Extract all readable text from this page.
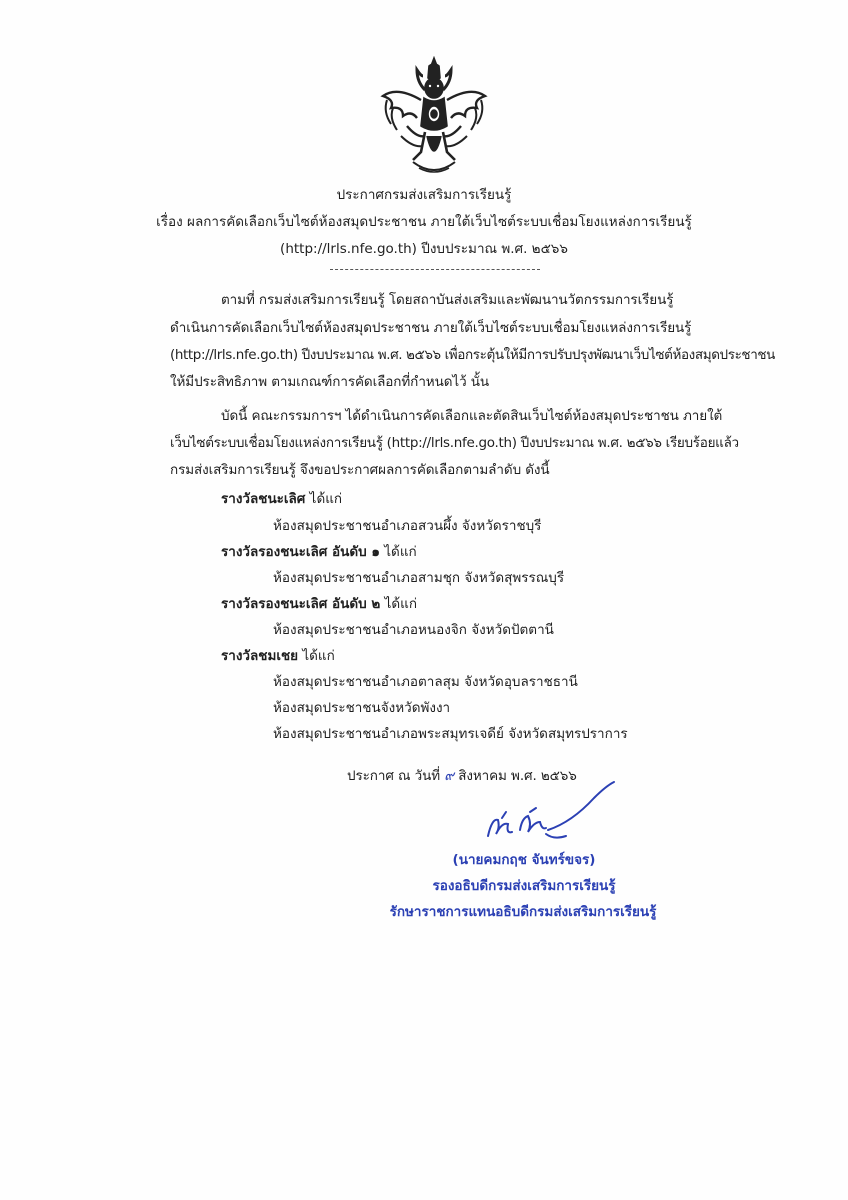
ประกาศกรมส่งเสริมการเรียนรู้
เรื่อง ผลการคัดเลือกเว็บไซต์ห้องสมุดประชาชน ภายใต้เว็บไซต์ระบบเชื่อมโยงแหล่งการเรียนรู้
(http://lrls.nfe.go.th) ปีงบประมาณ พ.ศ. ๒๕๖๖
ตามที่ กรมส่งเสริมการเรียนรู้ โดยสถาบันส่งเสริมและพัฒนานวัตกรรมการเรียนรู้
ดำเนินการคัดเลือกเว็บไซต์ห้องสมุดประชาชน ภายใต้เว็บไซต์ระบบเชื่อมโยงแหล่งการเรียนรู้
(http://lrls.nfe.go.th) ปีงบประมาณ พ.ศ. ๒๕๖๖ เพื่อกระตุ้นให้มีการปรับปรุงพัฒนาเว็บไซต์ห้องสมุดประชาชน
ให้มีประสิทธิภาพ ตามเกณฑ์การคัดเลือกที่กำหนดไว้ นั้น
บัดนี้ คณะกรรมการฯ ได้ดำเนินการคัดเลือกและตัดสินเว็บไซต์ห้องสมุดประชาชน ภายใต้
เว็บไซต์ระบบเชื่อมโยงแหล่งการเรียนรู้ (http://lrls.nfe.go.th) ปีงบประมาณ พ.ศ. ๒๕๖๖ เรียบร้อยแล้ว
กรมส่งเสริมการเรียนรู้ จึงขอประกาศผลการคัดเลือกตามลำดับ ดังนี้
รางวัลชนะเลิศ ได้แก่
ห้องสมุดประชาชนอำเภอสวนผึ้ง จังหวัดราชบุรี
รางวัลรองชนะเลิศ อันดับ ๑ ได้แก่
ห้องสมุดประชาชนอำเภอสามชุก จังหวัดสุพรรณบุรี
รางวัลรองชนะเลิศ อันดับ ๒ ได้แก่
ห้องสมุดประชาชนอำเภอหนองจิก จังหวัดปัตตานี
รางวัลชมเชย ได้แก่
ห้องสมุดประชาชนอำเภอตาลสุม จังหวัดอุบลราชธานี
ห้องสมุดประชาชนจังหวัดพังงา
ห้องสมุดประชาชนอำเภอพระสมุทรเจดีย์ จังหวัดสมุทรปราการ
ประกาศ ณ วันที่ ๙ สิงหาคม พ.ศ. ๒๕๖๖
(นายคมกฤช จันทร์ขจร)
รองอธิบดีกรมส่งเสริมการเรียนรู้
รักษาราชการแทนอธิบดีกรมส่งเสริมการเรียนรู้
